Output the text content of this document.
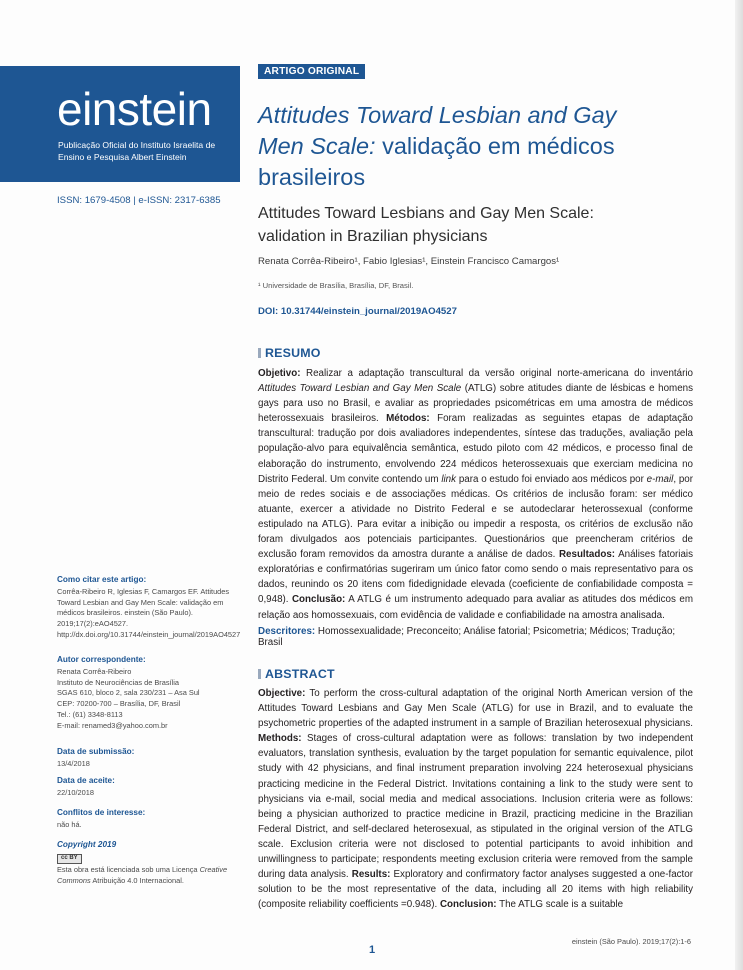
einstein
Publicação Oficial do Instituto Israelita de Ensino e Pesquisa Albert Einstein
ISSN: 1679-4508 | e-ISSN: 2317-6385
Como citar este artigo:

Corrêa-Ribeiro R, Iglesias F, Camargos EF. Attitudes Toward Lesbian and Gay Men Scale: validação em médicos brasileiros. einstein (São Paulo). 2019;17(2):eAO4527. http://dx.doi.org/10.31744/einstein_journal/2019AO4527

Autor correspondente:

Renata Corrêa-Ribeiro

Instituto de Neurociências de Brasília

SGAS 610, bloco 2, sala 230/231 – Asa Sul

CEP: 70200-700 – Brasília, DF, Brasil

Tel.: (61) 3348-8113

E-mail: renamed3@yahoo.com.br

Data de submissão:

13/4/2018

Data de aceite:

22/10/2018

Conflitos de interesse:

não há.

Copyright 2019
cc BY

Esta obra está licenciada sob uma Licença Creative Commons Atribuição 4.0 Internacional.

ARTIGO ORIGINAL
Attitudes Toward Lesbian and Gay Men Scale: validação em médicos brasileiros

Attitudes Toward Lesbians and Gay Men Scale: validation in Brazilian physicians

Renata Corrêa-Ribeiro¹, Fabio Iglesias¹, Einstein Francisco Camargos¹
¹ Universidade de Brasília, Brasília, DF, Brasil.
DOI: 10.31744/einstein_journal/2019AO4527
RESUMO

Objetivo: Realizar a adaptação transcultural da versão original norte-americana do inventário Attitudes Toward Lesbian and Gay Men Scale (ATLG) sobre atitudes diante de lésbicas e homens gays para uso no Brasil, e avaliar as propriedades psicométricas em uma amostra de médicos heterossexuais brasileiros. Métodos: Foram realizadas as seguintes etapas de adaptação transcultural: tradução por dois avaliadores independentes, síntese das traduções, avaliação pela população-alvo para equivalência semântica, estudo piloto com 42 médicos, e processo final de elaboração do instrumento, envolvendo 224 médicos heterossexuais que exerciam medicina no Distrito Federal. Um convite contendo um link para o estudo foi enviado aos médicos por e-mail, por meio de redes sociais e de associações médicas. Os critérios de inclusão foram: ser médico atuante, exercer a atividade no Distrito Federal e se autodeclarar heterossexual (conforme estipulado na ATLG). Para evitar a inibição ou impedir a resposta, os critérios de exclusão não foram divulgados aos potenciais participantes. Questionários que preencheram critérios de exclusão foram removidos da amostra durante a análise de dados. Resultados: Análises fatoriais exploratórias e confirmatórias sugeriram um único fator como sendo o mais representativo para os dados, reunindo os 20 itens com fidedignidade elevada (coeficiente de confiabilidade composta = 0,948). Conclusão: A ATLG é um instrumento adequado para avaliar as atitudes dos médicos em relação aos homossexuais, com evidência de validade e confiabilidade na amostra analisada.

Descritores: Homossexualidade; Preconceito; Análise fatorial; Psicometria; Médicos; Tradução; Brasil
ABSTRACT

Objective: To perform the cross-cultural adaptation of the original North American version of the Attitudes Toward Lesbians and Gay Men Scale (ATLG) for use in Brazil, and to evaluate the psychometric properties of the adapted instrument in a sample of Brazilian heterosexual physicians. Methods: Stages of cross-cultural adaptation were as follows: translation by two independent evaluators, translation synthesis, evaluation by the target population for semantic equivalence, pilot study with 42 physicians, and final instrument preparation involving 224 heterosexual physicians practicing medicine in the Federal District. Invitations containing a link to the study were sent to physicians via e-mail, social media and medical associations. Inclusion criteria were as follows: being a physician authorized to practice medicine in Brazil, practicing medicine in the Brazilian Federal District, and self-declared heterosexual, as stipulated in the original version of the ATLG scale. Exclusion criteria were not disclosed to potential participants to avoid inhibition and unwillingness to participate; respondents meeting exclusion criteria were removed from the sample during data analysis. Results: Exploratory and confirmatory factor analyses suggested a one-factor solution to be the most representative of the data, including all 20 items with high reliability (composite reliability coefficients =0.948). Conclusion: The ATLG scale is a suitable

einstein (São Paulo). 2019;17(2):1-6
1
